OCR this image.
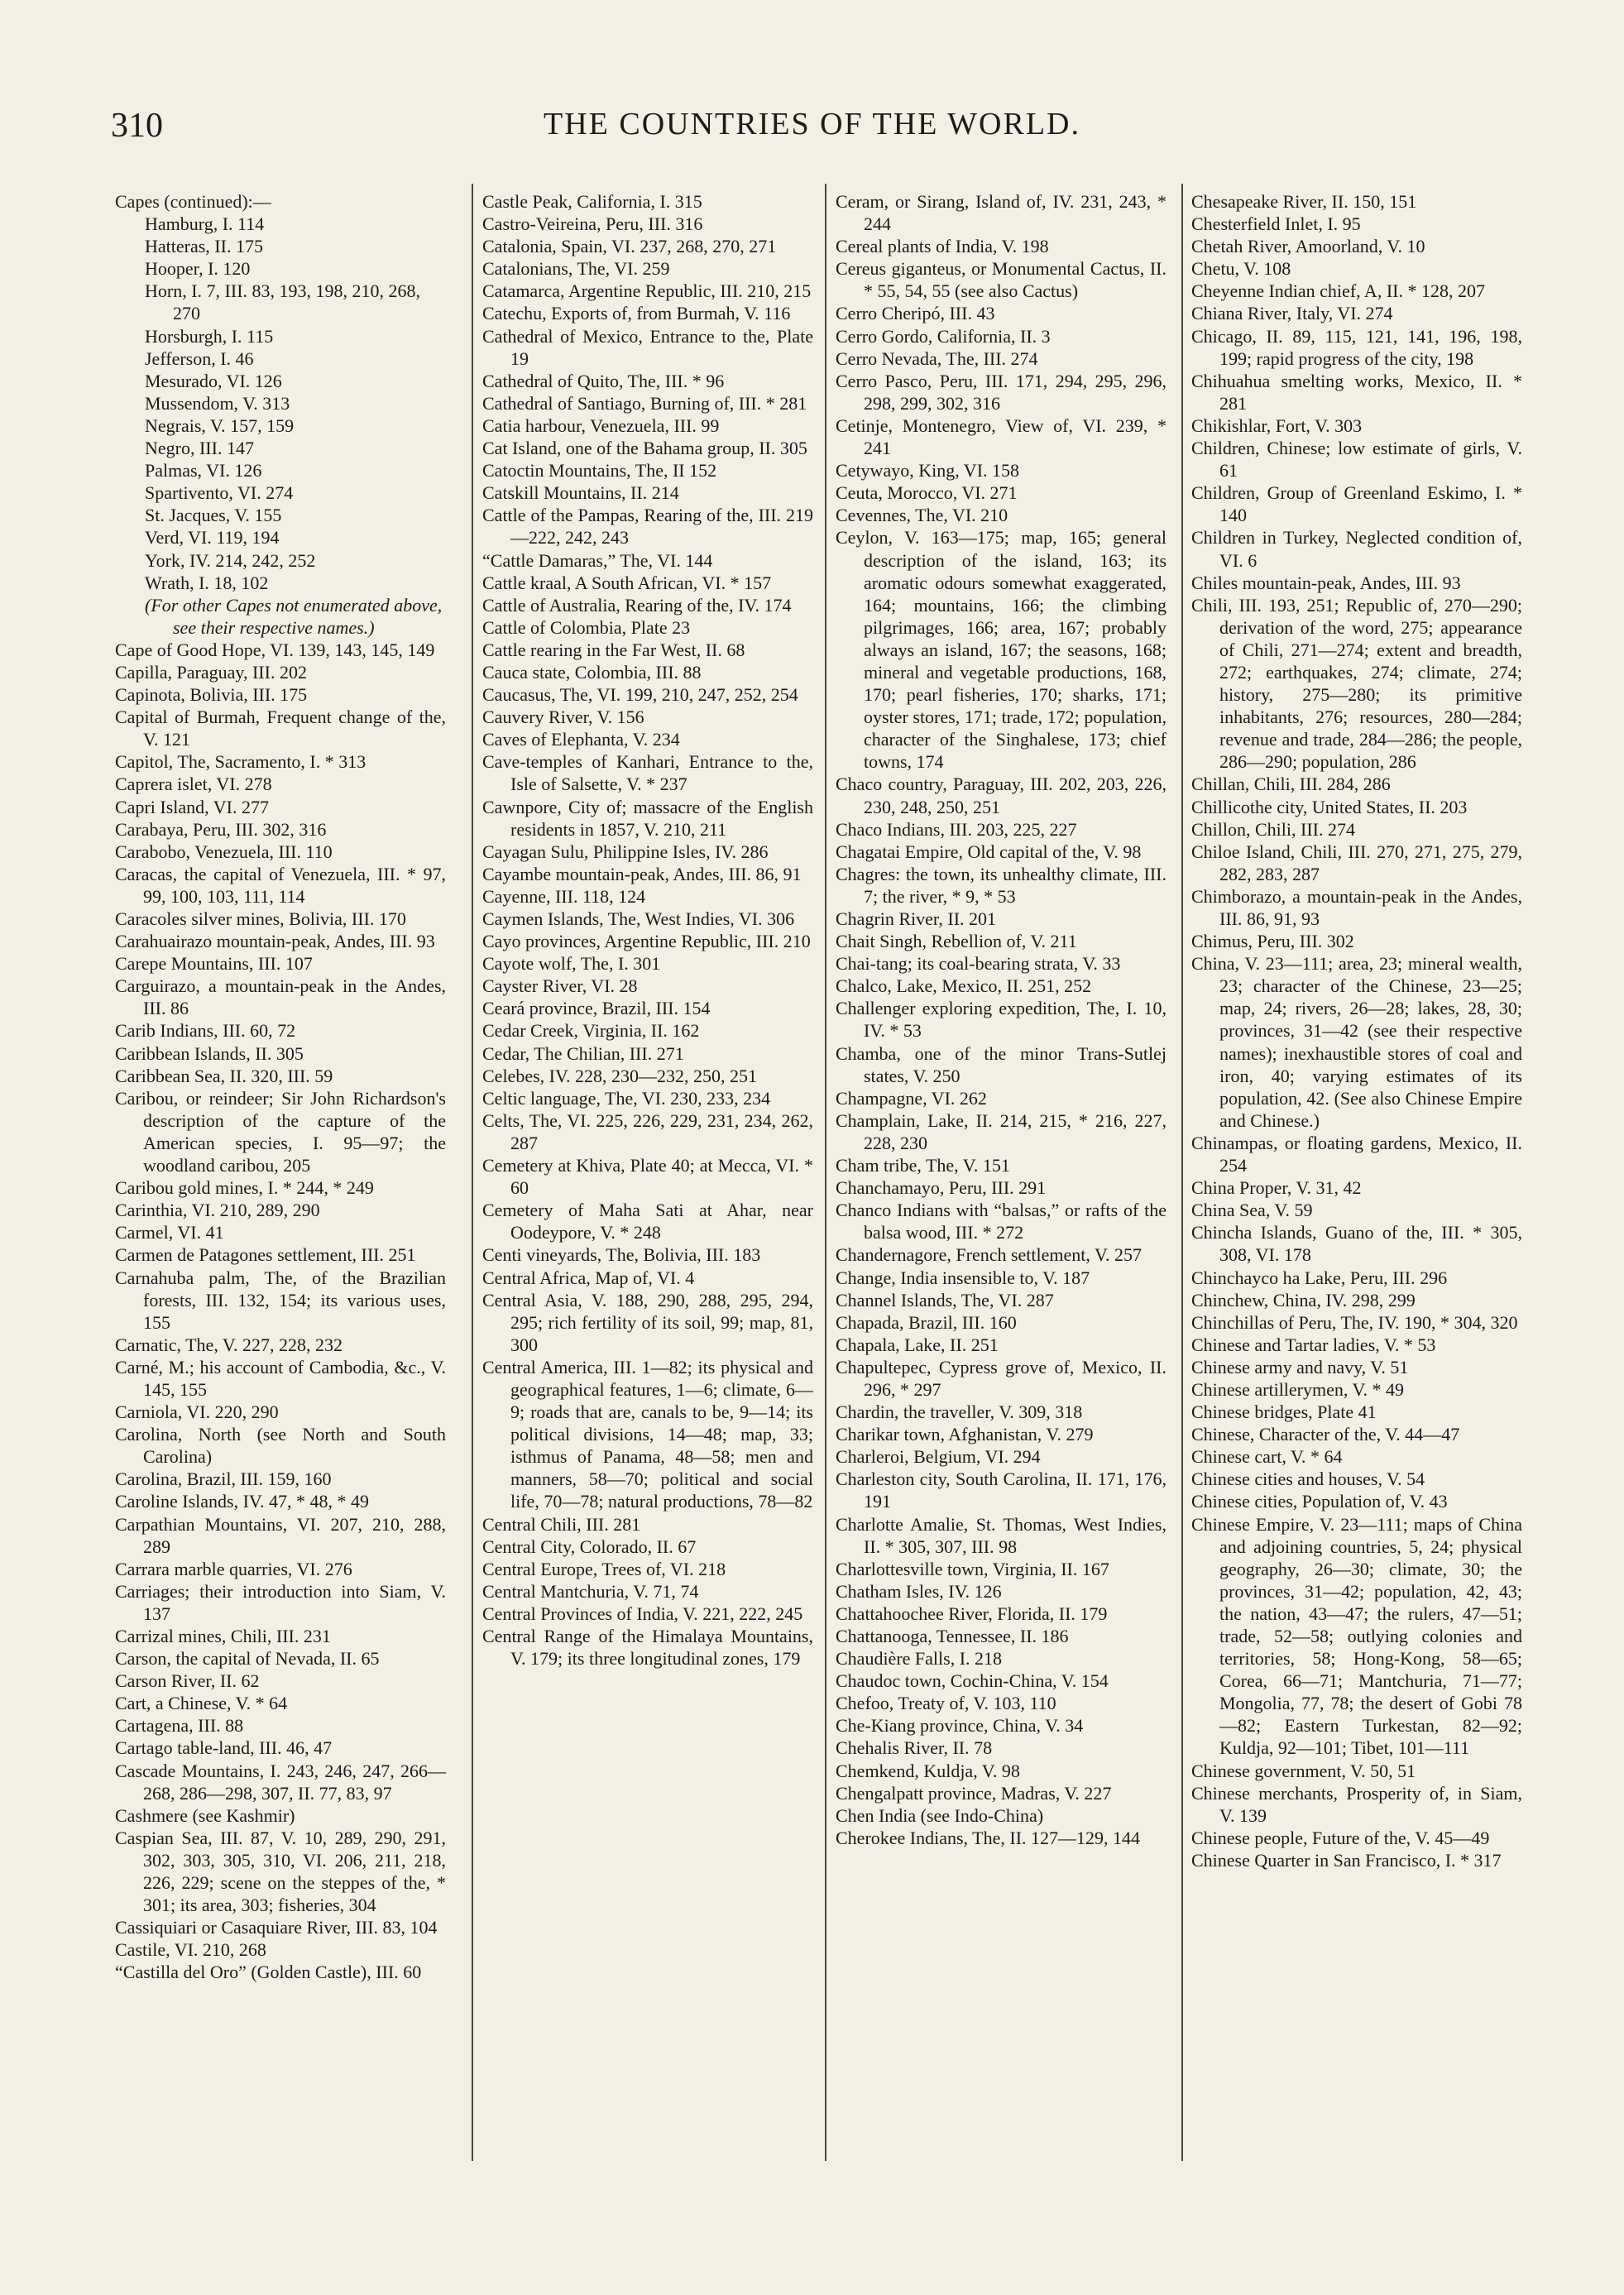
310	THE COUNTRIES OF THE WORLD.

Capes (continued):—

Hamburg, I. 114

Hatteras, II. 175

Hooper, I. 120

Horn, I. 7, III. 83, 193, 198, 210, 268, 270

Horsburgh, I. 115

Jefferson, I. 46

Mesurado, VI. 126

Mussendom, V. 313

Negrais, V. 157, 159

Negro, III. 147

Palmas, VI. 126

Spartivento, VI. 274

St. Jacques, V. 155

Verd, VI. 119, 194

York, IV. 214, 242, 252

Wrath, I. 18, 102

(For other Capes not enumerated above, see their respective names.)

Cape of Good Hope, VI. 139, 143, 145, 149

Capilla, Paraguay, III. 202

Capinota, Bolivia, III. 175

Capital of Burmah, Frequent change of the, V. 121

Capitol, The, Sacramento, I. * 313

Caprera islet, VI. 278

Capri Island, VI. 277

Carabaya, Peru, III. 302, 316

Carabobo, Venezuela, III. 110

Caracas, the capital of Venezuela, III. * 97, 99, 100, 103, 111, 114

Caracoles silver mines, Bolivia, III. 170

Carahuairazo mountain-peak, Andes, III. 93

Carepe Mountains, III. 107

Carguirazo, a mountain-peak in the Andes, III. 86

Carib Indians, III. 60, 72

Caribbean Islands, II. 305

Caribbean Sea, II. 320, III. 59

Caribou, or reindeer; Sir John Richardson's description of the capture of the American species, I. 95—97; the woodland caribou, 205

Caribou gold mines, I. * 244, * 249

Carinthia, VI. 210, 289, 290

Carmel, VI. 41

Carmen de Patagones settlement, III. 251

Carnahuba palm, The, of the Brazilian forests, III. 132, 154; its various uses, 155

Carnatic, The, V. 227, 228, 232

Carné, M.; his account of Cambodia, &c., V. 145, 155

Carniola, VI. 220, 290

Carolina, North (see North and South Carolina)

Carolina, Brazil, III. 159, 160

Caroline Islands, IV. 47, * 48, * 49

Carpathian Mountains, VI. 207, 210, 288, 289

Carrara marble quarries, VI. 276

Carriages; their introduction into Siam, V. 137

Carrizal mines, Chili, III. 231

Carson, the capital of Nevada, II. 65

Carson River, II. 62

Cart, a Chinese, V. * 64

Cartagena, III. 88

Cartago table-land, III. 46, 47

Cascade Mountains, I. 243, 246, 247, 266—268, 286—298, 307, II. 77, 83, 97

Cashmere (see Kashmir)

Caspian Sea, III. 87, V. 10, 289, 290, 291, 302, 303, 305, 310, VI. 206, 211, 218, 226, 229; scene on the steppes of the, * 301; its area, 303; fisheries, 304

Cassiquiari or Casaquiare River, III. 83, 104

Castile, VI. 210, 268

“Castilla del Oro” (Golden Castle), III. 60

Castle Peak, California, I. 315

Castro-Veireina, Peru, III. 316

Catalonia, Spain, VI. 237, 268, 270, 271

Catalonians, The, VI. 259

Catamarca, Argentine Republic, III. 210, 215

Catechu, Exports of, from Burmah, V. 116

Cathedral of Mexico, Entrance to the, Plate 19

Cathedral of Quito, The, III. * 96

Cathedral of Santiago, Burning of, III. * 281

Catia harbour, Venezuela, III. 99

Cat Island, one of the Bahama group, II. 305

Catoctin Mountains, The, II 152

Catskill Mountains, II. 214

Cattle of the Pampas, Rearing of the, III. 219—222, 242, 243

“Cattle Damaras,” The, VI. 144

Cattle kraal, A South African, VI. * 157

Cattle of Australia, Rearing of the, IV. 174

Cattle of Colombia, Plate 23

Cattle rearing in the Far West, II. 68

Cauca state, Colombia, III. 88

Caucasus, The, VI. 199, 210, 247, 252, 254

Cauvery River, V. 156

Caves of Elephanta, V. 234

Cave-temples of Kanhari, Entrance to the, Isle of Salsette, V. * 237

Cawnpore, City of; massacre of the English residents in 1857, V. 210, 211

Cayagan Sulu, Philippine Isles, IV. 286

Cayambe mountain-peak, Andes, III. 86, 91

Cayenne, III. 118, 124

Caymen Islands, The, West Indies, VI. 306

Cayo provinces, Argentine Republic, III. 210

Cayote wolf, The, I. 301

Cayster River, VI. 28

Ceará province, Brazil, III. 154

Cedar Creek, Virginia, II. 162

Cedar, The Chilian, III. 271

Celebes, IV. 228, 230—232, 250, 251

Celtic language, The, VI. 230, 233, 234

Celts, The, VI. 225, 226, 229, 231, 234, 262, 287

Cemetery at Khiva, Plate 40; at Mecca, VI. * 60

Cemetery of Maha Sati at Ahar, near Oodeypore, V. * 248

Centi vineyards, The, Bolivia, III. 183

Central Africa, Map of, VI. 4

Central Asia, V. 188, 290, 288, 295, 294, 295; rich fertility of its soil, 99; map, 81, 300

Central America, III. 1—82; its physical and geographical features, 1—6; climate, 6—9; roads that are, canals to be, 9—14; its political divisions, 14—48; map, 33; isthmus of Panama, 48—58; men and manners, 58—70; political and social life, 70—78; natural productions, 78—82

Central Chili, III. 281

Central City, Colorado, II. 67

Central Europe, Trees of, VI. 218

Central Mantchuria, V. 71, 74

Central Provinces of India, V. 221, 222, 245

Central Range of the Himalaya Mountains, V. 179; its three longitudinal zones, 179

Ceram, or Sirang, Island of, IV. 231, 243, * 244

Cereal plants of India, V. 198

Cereus giganteus, or Monumental Cactus, II. * 55, 54, 55 (see also Cactus)

Cerro Cheripó, III. 43

Cerro Gordo, California, II. 3

Cerro Nevada, The, III. 274

Cerro Pasco, Peru, III. 171, 294, 295, 296, 298, 299, 302, 316

Cetinje, Montenegro, View of, VI. 239, * 241

Cetywayo, King, VI. 158

Ceuta, Morocco, VI. 271

Cevennes, The, VI. 210

Ceylon, V. 163—175; map, 165; general description of the island, 163; its aromatic odours somewhat exaggerated, 164; mountains, 166; the climbing pilgrimages, 166; area, 167; probably always an island, 167; the seasons, 168; mineral and vegetable productions, 168, 170; pearl fisheries, 170; sharks, 171; oyster stores, 171; trade, 172; population, character of the Singhalese, 173; chief towns, 174

Chaco country, Paraguay, III. 202, 203, 226, 230, 248, 250, 251

Chaco Indians, III. 203, 225, 227

Chagatai Empire, Old capital of the, V. 98

Chagres: the town, its unhealthy climate, III. 7; the river, * 9, * 53

Chagrin River, II. 201

Chait Singh, Rebellion of, V. 211

Chai-tang; its coal-bearing strata, V. 33

Chalco, Lake, Mexico, II. 251, 252

Challenger exploring expedition, The, I. 10, IV. * 53

Chamba, one of the minor Trans-Sutlej states, V. 250

Champagne, VI. 262

Champlain, Lake, II. 214, 215, * 216, 227, 228, 230

Cham tribe, The, V. 151

Chanchamayo, Peru, III. 291

Chanco Indians with “balsas,” or rafts of the balsa wood, III. * 272

Chandernagore, French settlement, V. 257

Change, India insensible to, V. 187

Channel Islands, The, VI. 287

Chapada, Brazil, III. 160

Chapala, Lake, II. 251

Chapultepec, Cypress grove of, Mexico, II. 296, * 297

Chardin, the traveller, V. 309, 318

Charikar town, Afghanistan, V. 279

Charleroi, Belgium, VI. 294

Charleston city, South Carolina, II. 171, 176, 191

Charlotte Amalie, St. Thomas, West Indies, II. * 305, 307, III. 98

Charlottesville town, Virginia, II. 167

Chatham Isles, IV. 126

Chattahoochee River, Florida, II. 179

Chattanooga, Tennessee, II. 186

Chaudière Falls, I. 218

Chaudoc town, Cochin-China, V. 154

Chefoo, Treaty of, V. 103, 110

Che-Kiang province, China, V. 34

Chehalis River, II. 78

Chemkend, Kuldja, V. 98

Chengalpatt province, Madras, V. 227

Chen India (see Indo-China)

Cherokee Indians, The, II. 127—129, 144

Chesapeake River, II. 150, 151

Chesterfield Inlet, I. 95

Chetah River, Amoorland, V. 10

Chetu, V. 108

Cheyenne Indian chief, A, II. * 128, 207

Chiana River, Italy, VI. 274

Chicago, II. 89, 115, 121, 141, 196, 198, 199; rapid progress of the city, 198

Chihuahua smelting works, Mexico, II. * 281

Chikishlar, Fort, V. 303

Children, Chinese; low estimate of girls, V. 61

Children, Group of Greenland Eskimo, I. * 140

Children in Turkey, Neglected condition of, VI. 6

Chiles mountain-peak, Andes, III. 93

Chili, III. 193, 251; Republic of, 270—290; derivation of the word, 275; appearance of Chili, 271—274; extent and breadth, 272; earthquakes, 274; climate, 274; history, 275—280; its primitive inhabitants, 276; resources, 280—284; revenue and trade, 284—286; the people, 286—290; population, 286

Chillan, Chili, III. 284, 286

Chillicothe city, United States, II. 203

Chillon, Chili, III. 274

Chiloe Island, Chili, III. 270, 271, 275, 279, 282, 283, 287

Chimborazo, a mountain-peak in the Andes, III. 86, 91, 93

Chimus, Peru, III. 302

China, V. 23—111; area, 23; mineral wealth, 23; character of the Chinese, 23—25; map, 24; rivers, 26—28; lakes, 28, 30; provinces, 31—42 (see their respective names); inexhaustible stores of coal and iron, 40; varying estimates of its population, 42. (See also Chinese Empire and Chinese.)

Chinampas, or floating gardens, Mexico, II. 254

China Proper, V. 31, 42

China Sea, V. 59

Chincha Islands, Guano of the, III. * 305, 308, VI. 178

Chinchayco ha Lake, Peru, III. 296

Chinchew, China, IV. 298, 299

Chinchillas of Peru, The, IV. 190, * 304, 320

Chinese and Tartar ladies, V. * 53

Chinese army and navy, V. 51

Chinese artillerymen, V. * 49

Chinese bridges, Plate 41

Chinese, Character of the, V. 44—47

Chinese cart, V. * 64

Chinese cities and houses, V. 54

Chinese cities, Population of, V. 43

Chinese Empire, V. 23—111; maps of China and adjoining countries, 5, 24; physical geography, 26—30; climate, 30; the provinces, 31—42; population, 42, 43; the nation, 43—47; the rulers, 47—51; trade, 52—58; outlying colonies and territories, 58; Hong-Kong, 58—65; Corea, 66—71; Mantchuria, 71—77; Mongolia, 77, 78; the desert of Gobi 78—82; Eastern Turkestan, 82—92; Kuldja, 92—101; Tibet, 101—111

Chinese government, V. 50, 51

Chinese merchants, Prosperity of, in Siam, V. 139

Chinese people, Future of the, V. 45—49

Chinese Quarter in San Francisco, I. * 317
